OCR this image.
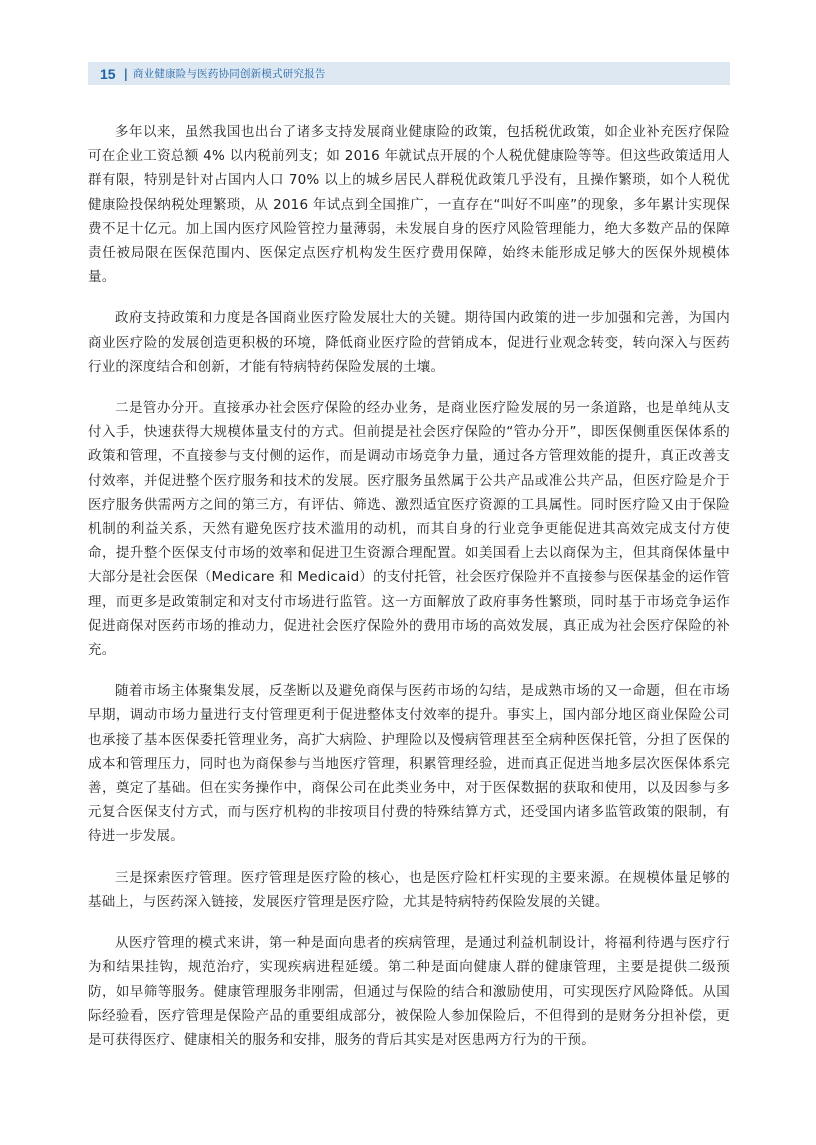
15 | 商业健康险与医药协同创新模式研究报告

多年以来，虽然我国也出台了诸多支持发展商业健康险的政策，包括税优政策，如企业补充医疗保险可在企业工资总额 4% 以内税前列支；如 2016 年就试点开展的个人税优健康险等等。但这些政策适用人群有限，特别是针对占国内人口 70% 以上的城乡居民人群税优政策几乎没有，且操作繁琐，如个人税优健康险投保纳税处理繁琐，从 2016 年试点到全国推广，一直存在“叫好不叫座”的现象，多年累计实现保费不足十亿元。加上国内医疗风险管控力量薄弱，未发展自身的医疗风险管理能力，绝大多数产品的保障责任被局限在医保范围内、医保定点医疗机构发生医疗费用保障，始终未能形成足够大的医保外规模体量。

政府支持政策和力度是各国商业医疗险发展壮大的关键。期待国内政策的进一步加强和完善，为国内商业医疗险的发展创造更积极的环境，降低商业医疗险的营销成本，促进行业观念转变，转向深入与医药行业的深度结合和创新，才能有特病特药保险发展的土壤。

二是管办分开。直接承办社会医疗保险的经办业务，是商业医疗险发展的另一条道路，也是单纯从支付入手，快速获得大规模体量支付的方式。但前提是社会医疗保险的“管办分开”，即医保侧重医保体系的政策和管理，不直接参与支付侧的运作，而是调动市场竞争力量，通过各方管理效能的提升，真正改善支付效率，并促进整个医疗服务和技术的发展。医疗服务虽然属于公共产品或准公共产品，但医疗险是介于医疗服务供需两方之间的第三方，有评估、筛选、激烈适宜医疗资源的工具属性。同时医疗险又由于保险机制的利益关系，天然有避免医疗技术滥用的动机，而其自身的行业竞争更能促进其高效完成支付方使命，提升整个医保支付市场的效率和促进卫生资源合理配置。如美国看上去以商保为主，但其商保体量中大部分是社会医保（Medicare 和 Medicaid）的支付托管，社会医疗保险并不直接参与医保基金的运作管理，而更多是政策制定和对支付市场进行监管。这一方面解放了政府事务性繁琐，同时基于市场竞争运作促进商保对医药市场的推动力，促进社会医疗保险外的费用市场的高效发展，真正成为社会医疗保险的补充。

随着市场主体聚集发展，反垄断以及避免商保与医药市场的勾结，是成熟市场的又一命题，但在市场早期，调动市场力量进行支付管理更利于促进整体支付效率的提升。事实上，国内部分地区商业保险公司也承接了基本医保委托管理业务，高扩大病险、护理险以及慢病管理甚至全病种医保托管，分担了医保的成本和管理压力，同时也为商保参与当地医疗管理，积累管理经验，进而真正促进当地多层次医保体系完善，奠定了基础。但在实务操作中，商保公司在此类业务中，对于医保数据的获取和使用，以及因参与多元复合医保支付方式，而与医疗机构的非按项目付费的特殊结算方式，还受国内诸多监管政策的限制，有待进一步发展。

三是探索医疗管理。医疗管理是医疗险的核心，也是医疗险杠杆实现的主要来源。在规模体量足够的基础上，与医药深入链接，发展医疗管理是医疗险，尤其是特病特药保险发展的关键。

从医疗管理的模式来讲，第一种是面向患者的疾病管理，是通过利益机制设计，将福利待遇与医疗行为和结果挂钩，规范治疗，实现疾病进程延缓。第二种是面向健康人群的健康管理，主要是提供二级预防，如早筛等服务。健康管理服务非刚需，但通过与保险的结合和激励使用，可实现医疗风险降低。从国际经验看，医疗管理是保险产品的重要组成部分，被保险人参加保险后，不但得到的是财务分担补偿，更是可获得医疗、健康相关的服务和安排，服务的背后其实是对医患两方行为的干预。
